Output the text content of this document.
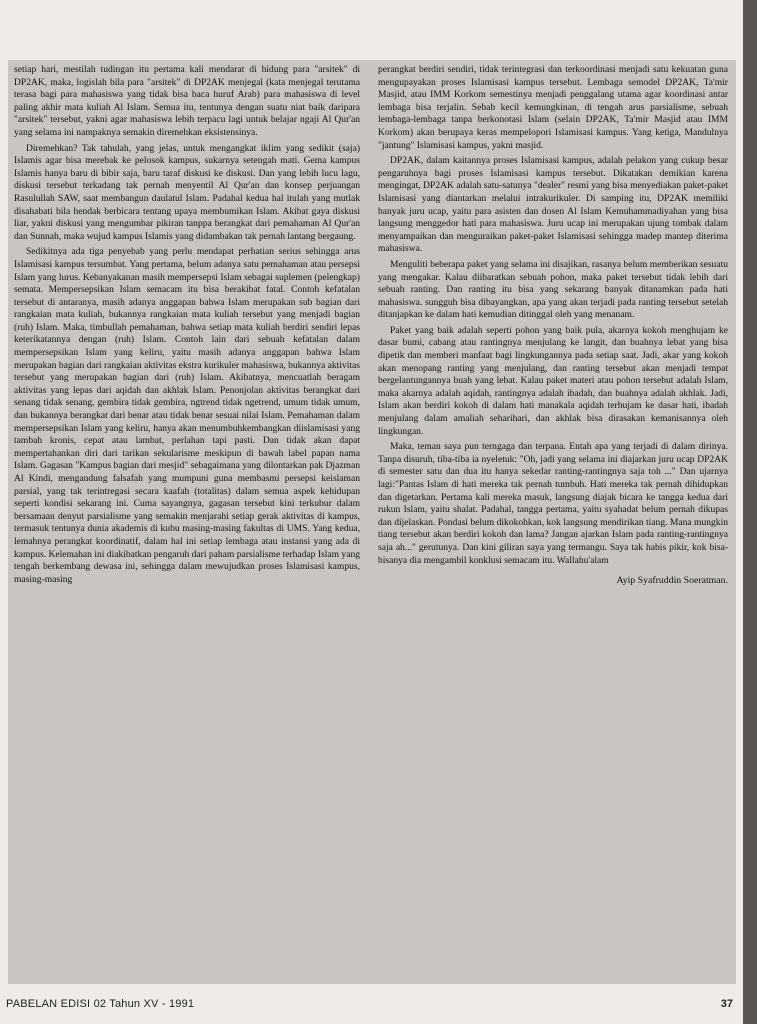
setiap hari, mestilah tudingan itu pertama kali mendarat di hidung para "arsitek" di DP2AK, maka, logislah bila para "arsitek" di DP2AK menjegal (kata menjegal terutama terasa bagi para mahasiswa yang tidak bisa baca huruf Arab) para mahasiswa di level paling akhir mata kuliah Al Islam. Semua itu, tentunya dengan suatu niat baik daripara "arsitek" tersebut, yakni agar mahasiswa lebih terpacu lagi untuk belajar ngaji Al Qur'an yang selama ini nampaknya semakin diremehkan eksistensinya.

Diremehkan? Tak tahulah, yang jelas, untuk mengangkat iklim yang sedikit (saja) Islamis agar bisa merebak ke pelosok kampus, sukarnya setengah mati. Gema kampus Islamis hanya baru di bibir saja, baru taraf diskusi ke diskusi. Dan yang lebih lucu lagu, diskusi tersebut terkadang tak pernah menyentil Al Qur'an dan konsep perjuangan Rasulullah SAW, saat membangun daulatul Islam. Padahal kedua hal itulah yang mutlak disahabati bila hendak berbicara tentang upaya membumikan Islam. Akibat gaya diskusi liar, yakni diskusi yang mengumbar pikiran tanppa berangkat dari pemahaman Al Qur'an dan Sunnah, maka wujud kampus Islamis yang didambakan tak pernah lantang bergaung.

Sedikitnya ada tiga penyebab yang perlu mendapat perhatian serius sehingga arus Islamisasi kampus tersumbat. Yang pertama, belum adanya satu pemahaman atau persepsi Islam yang lurus. Kebanyakanan masih mempersepsi Islam sebagai suplemen (pelengkap) semata. Mempersepsikan Islam semacam itu bisa berakibat fatal. Contoh kefatalan tersebut di antaranya, masih adanya anggapan bahwa Islam merupakan sub bagian dari rangkaian mata kuliah, bukannya rangkaian mata kuliah tersebut yang menjadi bagian (ruh) Islam. Maka, timbullah pemahaman, bahwa setiap mata kuliah berdiri sendiri lepas keterikatannya dengan (ruh) Islam. Contoh lain dari sebuah kefatalan dalam mempersepsikan Islam yang keliru, yaitu masih adanya anggapan bahwa Islam merupakan bagian dari rangkaian aktivitas ekstra kurikuler mahasiswa, bukannya aktivitas tersebut yang merupakan bagian dari (ruh) Islam. Akibatnya, mencuatlah beragam aktivitas yang lepas dari aqidah dan akhlak Islam. Penonjolan aktivitas berangkat dari senang tidak senang, gembira tidak gembira, ngtrend tidak ngetrend, umum tidak umum, dan bukannya berangkat dari benar atau tidak benar sesuai nilai Islam. Pemahaman dalam mempersepsikan Islam yang keliru, hanya akan menumbuhkembangkan diislamisasi yang tambah kronis, cepat atau lambat, perlahan tapi pasti. Dan tidak akan dapat mempertahankan diri dari tarikan sekularisme meskipun di bawah label papan nama Islam. Gagasan "Kampus bagian dari mesjid" sebagaimana yang dilontarkan pak Djazman Al Kindi, mengandung falsafah yang mumpuni guna membasmi persepsi keislaman parsial, yang tak terintregasi secara kaafah (totalitas) dalam semua aspek kehidupan seperti kondisi sekarang ini. Cuma sayangnya, gagasan tersebut kini terkubur dalam bersamaan denyut parsialisme yang semakin menjarahi setiap gerak aktivitas di kampus, termasuk tentunya dunia akademis di kubu masing-masing fakultas di UMS. Yang kedua, lemahnya perangkat koordinatif, dalam hal ini setiap lembaga atau instansi yang ada di kampus. Kelemahan ini diakibatkan pengaruh dari paham parsialisme terhadap Islam yang tengah berkembang dewasa ini, sehingga dalam mewujudkan proses Islamisasi kampus, masing-masing

perangkat berdiri sendiri, tidak terintegrasi dan terkoordinasi menjadi satu kekuatan guna mengupayakan proses Islamisasi kampus tersebut. Lembaga semodel DP2AK, Ta'mir Masjid, atau IMM Korkom semestinya menjadi penggalang utama agar koordinasi antar lembaga bisa terjalin. Sebab kecil kemungkinan, di tengah arus parsialisme, sebuah lembaga-lembaga tanpa berkonotasi Islam (selain DP2AK, Ta'mir Masjid atau IMM Korkom) akan berupaya keras mempelopori Islamisasi kampus. Yang ketiga, Mandulnya "jantung" Islamisasi kampus, yakni masjid.

DP2AK, dalam kaitannya proses Islamisasi kampus, adalah pelakon yang cukup besar pengaruhnya bagi proses Islamisasi kampus tersebut. Dikatakan demikian karena mengingat, DP2AK adalah satu-satunya "dealer" resmi yang bisa menyediakan paket-paket Islamisasi yang diantarkan melalui intrakurikuler. Di samping itu, DP2AK memiliki banyak juru ucap, yaitu para asisten dan dosen Al Islam Kemuhammadiyahan yang bisa langsung menggedor hati para mahasiswa. Juru ucap ini merupakan ujung tombak dalam menyampaikan dan menguraikan paket-paket Islamisasi sehingga madep mantep diterima mahasiswa.

Menguliti beberapa paket yang selama ini disajikan, rasanya belum memberikan sesuatu yang mengakar. Kalau diibaratkan sebuah pohon, maka paket tersebut tidak lebih dari sebuah ranting. Dan ranting itu bisa yang sekarang banyak ditanamkan pada hati mahasiswa. sungguh bisa dibayangkan, apa yang akan terjadi pada ranting tersebut setelah ditanjapkan ke dalam hati kemudian ditinggal oleh yang menanam.

Paket yang baik adalah seperti pohon yang baik pula, akarnya kokoh menghujam ke dasar bumi, cabang atau rantingnya menjulang ke langit, dan buahnya lebat yang bisa dipetik dan memberi manfaat bagi lingkungannya pada setiap saat. Jadi, akar yang kokoh akan menopang ranting yang menjulang, dan ranting tersebut akan menjadi tempat bergelantungannya buah yang lebat. Kalau paket materi atau pohon tersebut adalah Islam, maka akarnya adalah aqidah, rantingnya adalah ibadah, dan buahnya adalah akhlak. Jadi, Islam akan berdiri kokoh di dalam hati manakala aqidah terhujam ke dasar hati, ibadah menjulang dalam amaliah seharihari, dan akhlak bisa dirasakan kemanisannya oleh lingkungan.

Maka, teman saya pun terngaga dan terpana. Entah apa yang terjadi di dalam dirinya. Tanpa disuruh, tiba-tiba ia nyeletuk: "Oh, jadi yang selama ini diajarkan juru ucap DP2AK di semester satu dan dua itu hanya sekedar ranting-rantingnya saja toh ..." Dan ujarnya lagi:"Pantas Islam di hati mereka tak pernah tumbuh. Hati mereka tak pernah dihidupkan dan digetarkan. Pertama kali mereka masuk, langsung diajak bicara ke tangga kedua dari rukun Islam, yaitu shalat. Padahal, tangga pertama, yaitu syahadat belum pernah dikupas dan dijelaskan. Pondasi belum dikokohkan, kok langsung mendirikan tiang. Mana mungkin tiang tersebut akan berdiri kokoh dan lama? Jangan ajarkan Islam pada ranting-rantingnya saja ah..." gerutunya. Dan kini giliran saya yang termangu. Saya tak habis pikir, kok bisa-bisanya dia mengambil konklusi semacam itu. Wallahu'alam

Ayip Syafruddin Soeratman.
PABELAN EDISI 02 Tahun XV - 1991	37
